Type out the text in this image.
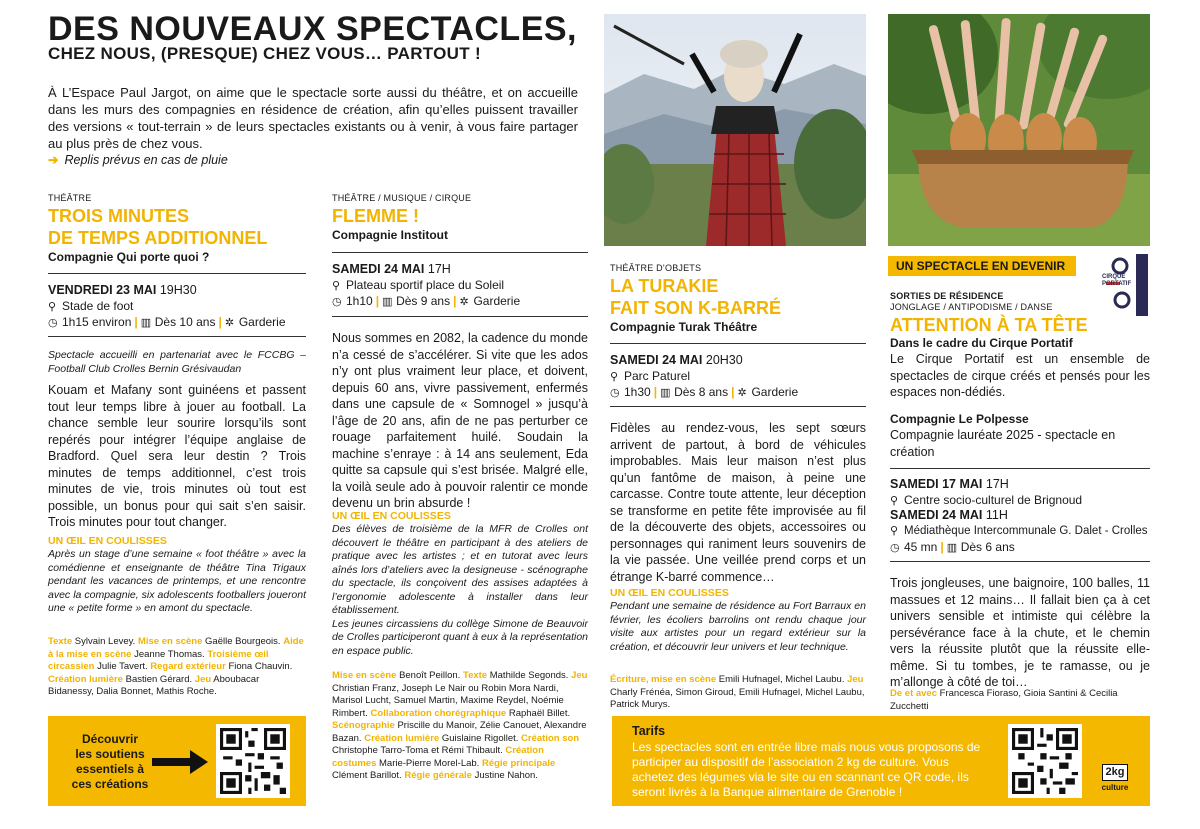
DES NOUVEAUX SPECTACLES,
CHEZ NOUS, (PRESQUE) CHEZ VOUS… PARTOUT !
À L’Espace Paul Jargot, on aime que le spectacle sorte aussi du théâtre, et on accueille dans les murs des compagnies en résidence de création, afin qu’elles puissent travailler des versions « tout-terrain » de leurs spectacles existants ou à venir, à vous faire partager au plus près de chez vous.
➔ Replis prévus en cas de pluie
THÉÂTRE
TROIS MINUTES
DE TEMPS ADDITIONNEL
Compagnie Qui porte quoi ?
VENDREDI 23 MAI 19H30
⚲ Stade de foot
◷ 1h15 environ | ▥ Dès 10 ans | ✲ Garderie
Spectacle accueilli en partenariat avec le FCCBG – Football Club Crolles Bernin Grésivaudan
Kouam et Mafany sont guinéens et passent tout leur temps libre à jouer au football. La chance semble leur sourire lorsqu’ils sont repérés pour intégrer l’équipe anglaise de Bradford. Quel sera leur destin ? Trois minutes de temps additionnel, c’est trois minutes de vie, trois minutes où tout est possible, un bonus pour qui sait s’en saisir. Trois minutes pour tout changer.
UN ŒIL EN COULISSES
Après un stage d’une semaine « foot théâtre » avec la comédienne et enseignante de théâtre Tina Trigaux pendant les vacances de printemps, et une rencontre avec la compagnie, six adolescents footballers joueront une « petite forme » en amont du spectacle.
Texte Sylvain Levey. Mise en scène Gaëlle Bourgeois. Aide à la mise en scène Jeanne Thomas. Troisième œil circassien Julie Tavert. Regard extérieur Fiona Chauvin. Création lumière Bastien Gérard. Jeu Aboubacar Bidanessy, Dalia Bonnet, Mathis Roche.
Découvrir
les soutiens
essentiels à
ces créations
THÉÂTRE / MUSIQUE / CIRQUE
FLEMME !
Compagnie Institout
SAMEDI 24 MAI 17H
⚲ Plateau sportif place du Soleil
◷ 1h10 | ▥ Dès 9 ans | ✲ Garderie
Nous sommes en 2082, la cadence du monde n’a cessé de s’accélérer. Si vite que les ados n’y ont plus vraiment leur place, et doivent, depuis 60 ans, vivre passivement, enfermés dans une capsule de « Somnogel » jusqu’à l’âge de 20 ans, afin de ne pas perturber ce rouage parfaitement huilé. Soudain la machine s’enraye : à 14 ans seulement, Eda quitte sa capsule qui s’est brisée. Malgré elle, la voilà seule ado à pouvoir ralentir ce monde devenu un brin absurde !
UN ŒIL EN COULISSES
Des élèves de troisième de la MFR de Crolles ont découvert le théâtre en participant à des ateliers de pratique avec les artistes ; et en tutorat avec leurs aînés lors d’ateliers avec la designeuse - scénographe du spectacle, ils conçoivent des assises adaptées à l’ergonomie adolescente à installer dans leur établissement.
Les jeunes circassiens du collège Simone de Beauvoir de Crolles participeront quant à eux à la représentation en espace public.
Mise en scène Benoît Peillon. Texte Mathilde Segonds. Jeu Christian Franz, Joseph Le Nair ou Robin Mora Nardi, Marisol Lucht, Samuel Martin, Maxime Reydel, Noémie Rimbert. Collaboration chorégraphique Raphaël Billet. Scénographie Priscille du Manoir, Zélie Canouet, Alexandre Bazan. Création lumière Guislaine Rigollet. Création son Christophe Tarro-Toma et Rémi Thibault. Création costumes Marie-Pierre Morel-Lab. Régie principale Clément Barillot. Régie générale Justine Nahon.
THÉÂTRE D’OBJETS
LA TURAKIE
FAIT SON K-BARRÉ
Compagnie Turak Théâtre
SAMEDI 24 MAI 20H30
⚲ Parc Paturel
◷ 1h30 | ▥ Dès 8 ans | ✲ Garderie
Fidèles au rendez-vous, les sept sœurs arrivent de partout, à bord de véhicules improbables. Mais leur maison n’est plus qu’un fantôme de maison, à peine une carcasse. Contre toute attente, leur déception se transforme en petite fête improvisée au fil de la découverte des objets, accessoires ou personnages qui raniment leurs souvenirs de la vie passée. Une veillée prend corps et un étrange K-barré commence…
UN ŒIL EN COULISSES
Pendant une semaine de résidence au Fort Barraux en février, les écoliers barrolins ont rendu chaque jour visite aux artistes pour un regard extérieur sur la création, et découvrir leur univers et leur technique.
Écriture, mise en scène Emili Hufnagel, Michel Laubu. Jeu Charly Frénéa, Simon Giroud, Emili Hufnagel, Michel Laubu, Patrick Murys.
UN SPECTACLE EN DEVENIR
CIRQUE PORTATIF
SORTIES DE RÉSIDENCE
JONGLAGE / ANTIPODISME / DANSE
ATTENTION À TA TÊTE
Dans le cadre du Cirque Portatif
Le Cirque Portatif est un ensemble de spectacles de cirque créés et pensés pour les espaces non-dédiés.
Compagnie Le Polpesse
Compagnie lauréate 2025 - spectacle en création
SAMEDI 17 MAI 17H
⚲ Centre socio-culturel de Brignoud
SAMEDI 24 MAI 11H
⚲ Médiathèque Intercommunale G. Dalet - Crolles
◷ 45 mn | ▥ Dès 6 ans
Trois jongleuses, une baignoire, 100 balles, 11 massues et 12 mains… Il fallait bien ça à cet univers sensible et intimiste qui célèbre la persévérance face à la chute, et le chemin vers la réussite plutôt que la réussite elle-même. Si tu tombes, je te ramasse, ou je m’allonge à côté de toi…
De et avec Francesca Fioraso, Gioia Santini & Cecilia Zucchetti
Tarifs
Les spectacles sont en entrée libre mais nous vous proposons de participer au dispositif de l’association 2 kg de culture. Vous achetez des légumes via le site ou en scannant ce QR code, ils seront livrés à la Banque alimentaire de Grenoble !
2kg
culture
